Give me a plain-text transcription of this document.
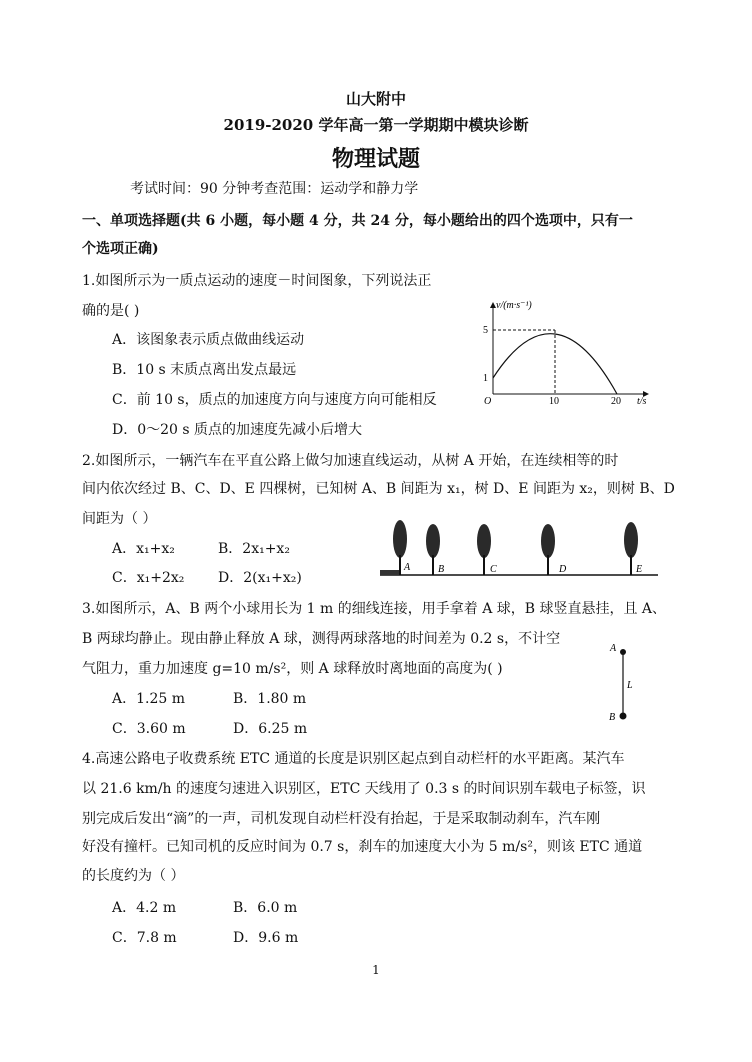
山大附中
2019-2020 学年高一第一学期期中模块诊断
物理试题
考试时间：90 分钟考查范围：运动学和静力学
一、单项选择题(共 6 小题，每小题 4 分，共 24 分，每小题给出的四个选项中，只有一
个选项正确)
1.如图所示为一质点运动的速度－时间图象，下列说法正
确的是( )
A．该图象表示质点做曲线运动
B．10 s 末质点离出发点最远
C．前 10 s，质点的加速度方向与速度方向可能相反
D．0～20 s 质点的加速度先减小后增大
v/(m·s⁻¹)
5
1
O	10	20 t/s
2.如图所示，一辆汽车在平直公路上做匀加速直线运动，从树 A 开始，在连续相等的时
间内依次经过 B、C、D、E 四棵树，已知树 A、B 间距为 x₁，树 D、E 间距为 x₂，则树 B、D
间距为（ ）
A．x₁+x₂	B．2x₁+x₂
C．x₁+2x₂ D．2(x₁+x₂)
A	B	C	D	E
3.如图所示，A、B 两个小球用长为 1 m 的细线连接，用手拿着 A 球，B 球竖直悬挂，且 A、
B 两球均静止。现由静止释放 A 球，测得两球落地的时间差为 0.2 s，不计空
气阻力，重力加速度 g=10 m/s²，则 A 球释放时离地面的高度为( )
A．1.25 m	B．1.80 m
C．3.60 m	D．6.25 m
A
L
B
4.高速公路电子收费系统 ETC 通道的长度是识别区起点到自动栏杆的水平距离。某汽车
以 21.6 km/h 的速度匀速进入识别区，ETC 天线用了 0.3 s 的时间识别车载电子标签，识
别完成后发出“滴”的一声，司机发现自动栏杆没有抬起，于是采取制动刹车，汽车刚
好没有撞杆。已知司机的反应时间为 0.7 s，刹车的加速度大小为 5 m/s²，则该 ETC 通道
的长度约为（ ）
A．4.2 m	B．6.0 m
C．7.8 m	D．9.6 m
1
